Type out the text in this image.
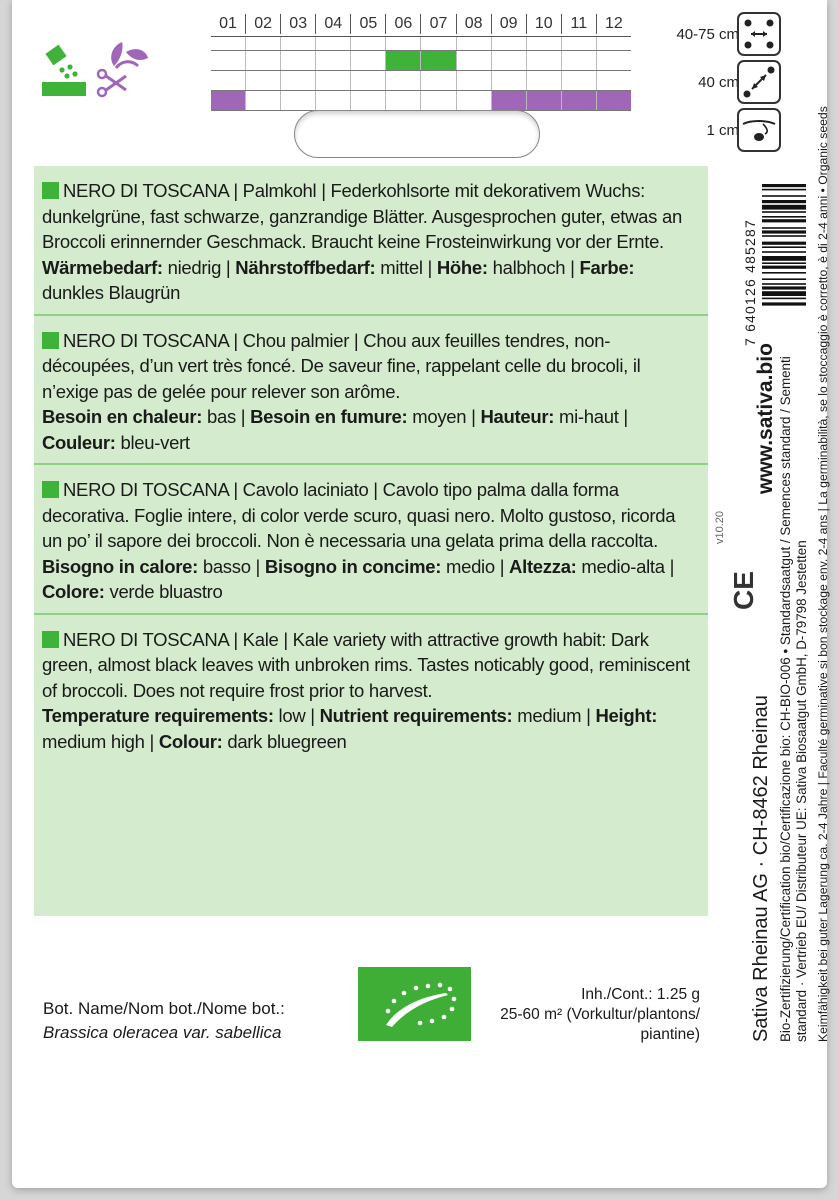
01	02	03	04	05	06	07	08	09	10	11	12
40-75 cm
40 cm
1 cm
NERO DI TOSCANA | Palmkohl | Federkohlsorte mit dekorativem Wuchs: dunkelgrüne, fast schwarze, ganzrandige Blätter. Ausgesprochen guter, etwas an Broccoli erinnernder Geschmack. Braucht keine Frosteinwirkung vor der Ernte.
Wärmebedarf: niedrig | Nährstoffbedarf: mittel | Höhe: halbhoch | Farbe: dunkles Blaugrün
NERO DI TOSCANA | Chou palmier | Chou aux feuilles tendres, non-découpées, d’un vert très foncé. De saveur fine, rappelant celle du brocoli, il n’exige pas de gelée pour relever son arôme.
Besoin en chaleur: bas | Besoin en fumure: moyen | Hauteur: mi-haut | Couleur: bleu-vert
NERO DI TOSCANA | Cavolo laciniato | Cavolo tipo palma dalla forma decorativa. Foglie intere, di color verde scuro, quasi nero. Molto gustoso, ricorda un po’ il sapore dei broccoli. Non è necessaria una gelata prima della raccolta.
Bisogno in calore: basso | Bisogno in concime: medio | Altezza: medio-alta | Colore: verde bluastro
NERO DI TOSCANA | Kale | Kale variety with attractive growth habit: Dark green, almost black leaves with unbroken rims. Tastes noticably good, reminiscent of broccoli. Does not require frost prior to harvest.
Temperature requirements: low | Nutrient requirements: medium | Height: medium high | Colour: dark bluegreen
Bot. Name/Nom bot./Nome bot.:
Brassica oleracea var. sabellica
Inh./Cont.: 1.25 g
25-60 m² (Vorkultur/plantons/
piantine)	Sativa Rheinau AG · CH-8462 Rheinau Bio-Zertifizierung/Certification bio/Certificazione bio: CH-BIO-006 • Standardsaatgut / Semences standard / Sementi standard · Vertrieb EU/ Distributeur UE: Sativa Biosaatgut GmbH, D-79798 Jestetten Keimfähigkeit bei guter Lagerung ca. 2-4 Jahre | Faculté germinative si bon stockage env. 2-4 ans | La germinabilità, se lo stoccaggio è corretto, è di 2-4 anni • Organic seeds
www.sativa.bio
v10.20
CE
7 640126 485287
